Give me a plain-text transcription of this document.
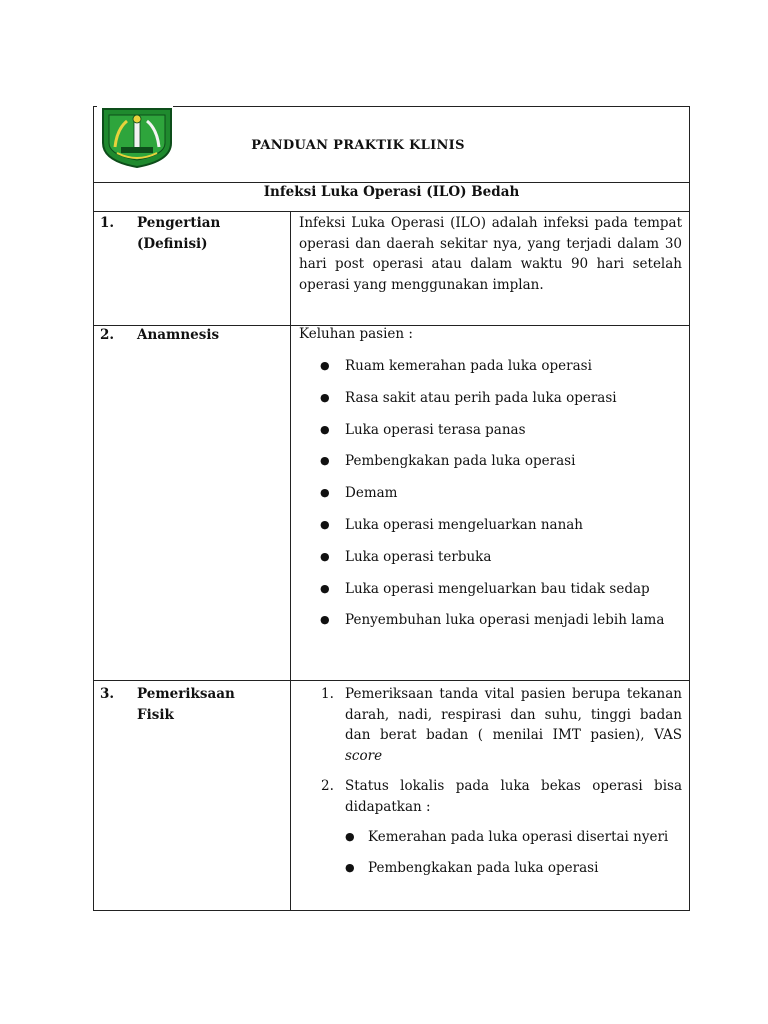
PANDUAN PRAKTIK KLINIS
Infeksi Luka Operasi (ILO) Bedah
1. Pengertian
(Definisi)
Infeksi Luka Operasi (ILO) adalah infeksi pada tempat operasi dan daerah sekitar nya, yang terjadi dalam 30 hari post operasi atau dalam waktu 90 hari setelah operasi yang menggunakan implan.
2. Anamnesis	Keluhan pasien :
● Ruam kemerahan pada luka operasi
● Rasa sakit atau perih pada luka operasi
● Luka operasi terasa panas
● Pembengkakan pada luka operasi
● Demam
● Luka operasi mengeluarkan nanah
● Luka operasi terbuka
● Luka operasi mengeluarkan bau tidak sedap
● Penyembuhan luka operasi menjadi lebih lama
3. Pemeriksaan
Fisik
1. Pemeriksaan tanda vital pasien berupa tekanan darah, nadi, respirasi dan suhu, tinggi badan dan berat badan ( menilai IMT pasien), VAS score
2. Status lokalis pada luka bekas operasi bisa didapatkan :
● Kemerahan pada luka operasi disertai nyeri
● Pembengkakan pada luka operasi
